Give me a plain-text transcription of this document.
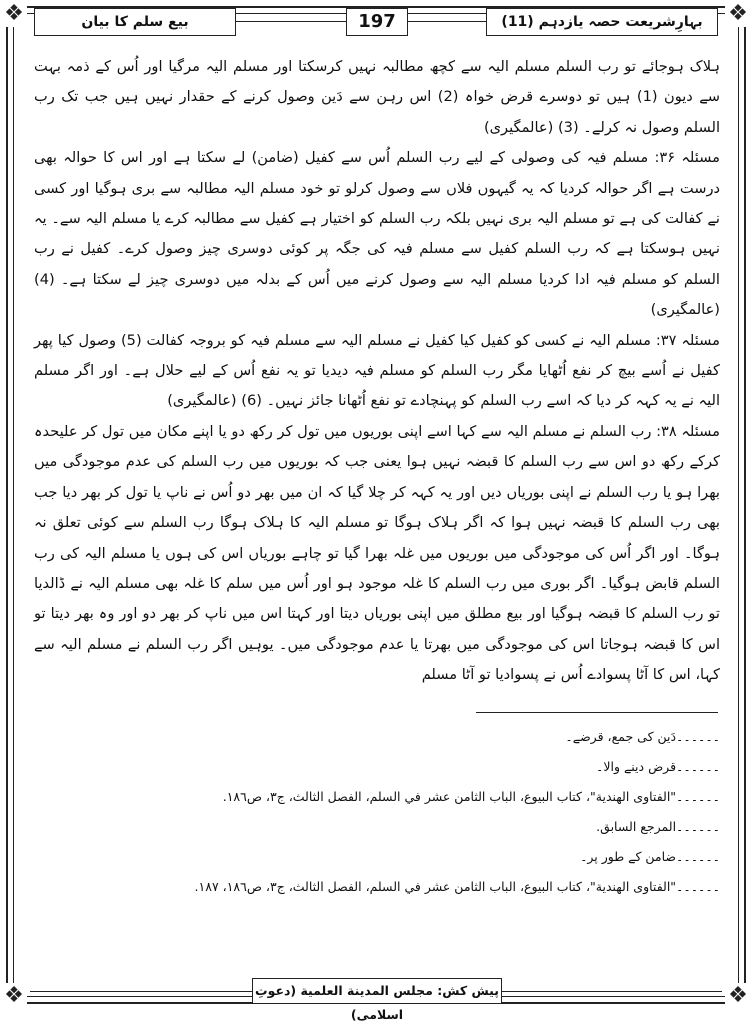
❖	❖
❖	❖
بیع سلم کا بیان	197	بہارِشریعت حصہ یازدہم (11)

ہلاک ہوجائے تو رب السلم مسلم الیہ سے کچھ مطالبہ نہیں کرسکتا اور مسلم الیہ مرگیا اور اُس کے ذمہ بہت سے دیون (1) ہیں تو دوسرے قرض خواہ (2) اس رہن سے دَین وصول کرنے کے حقدار نہیں ہیں جب تک رب السلم وصول نہ کرلے۔ (3) (عالمگیری)

مسئلہ ۳۶: مسلم فیہ کی وصولی کے لیے رب السلم اُس سے کفیل (ضامن) لے سکتا ہے اور اس کا حوالہ بھی درست ہے اگر حوالہ کردیا کہ یہ گیہوں فلاں سے وصول کرلو تو خود مسلم الیہ مطالبہ سے بری ہوگیا اور کسی نے کفالت کی ہے تو مسلم الیہ بری نہیں بلکہ رب السلم کو اختیار ہے کفیل سے مطالبہ کرے یا مسلم الیہ سے۔ یہ نہیں ہوسکتا ہے کہ رب السلم کفیل سے مسلم فیہ کی جگہ پر کوئی دوسری چیز وصول کرے۔ کفیل نے رب السلم کو مسلم فیہ ادا کردیا مسلم الیہ سے وصول کرنے میں اُس کے بدلہ میں دوسری چیز لے سکتا ہے۔ (4) (عالمگیری)

مسئلہ ۳۷: مسلم الیہ نے کسی کو کفیل کیا کفیل نے مسلم الیہ سے مسلم فیہ کو بروجہ کفالت (5) وصول کیا پھر کفیل نے اُسے بیچ کر نفع اُٹھایا مگر رب السلم کو مسلم فیہ دیدیا تو یہ نفع اُس کے لیے حلال ہے۔ اور اگر مسلم الیہ نے یہ کہہ کر دیا کہ اسے رب السلم کو پہنچادے تو نفع اُٹھانا جائز نہیں۔ (6) (عالمگیری)

مسئلہ ۳۸: رب السلم نے مسلم الیہ سے کہا اسے اپنی بوریوں میں تول کر رکھ دو یا اپنے مکان میں تول کر علیحدہ کرکے رکھ دو اس سے رب السلم کا قبضہ نہیں ہوا یعنی جب کہ بوریوں میں رب السلم کی عدم موجودگی میں بھرا ہو یا رب السلم نے اپنی بوریاں دیں اور یہ کہہ کر چلا گیا کہ ان میں بھر دو اُس نے ناپ یا تول کر بھر دیا جب بھی رب السلم کا قبضہ نہیں ہوا کہ اگر ہلاک ہوگا تو مسلم الیہ کا ہلاک ہوگا رب السلم سے کوئی تعلق نہ ہوگا۔ اور اگر اُس کی موجودگی میں بوریوں میں غلہ بھرا گیا تو چاہے بوریاں اس کی ہوں یا مسلم الیہ کی رب السلم قابض ہوگیا۔ اگر بوری میں رب السلم کا غلہ موجود ہو اور اُس میں سلم کا غلہ بھی مسلم الیہ نے ڈالدیا تو رب السلم کا قبضہ ہوگیا اور بیع مطلق میں اپنی بوریاں دیتا اور کہتا اس میں ناپ کر بھر دو اور وہ بھر دیتا تو اس کا قبضہ ہوجاتا اس کی موجودگی میں بھرتا یا عدم موجودگی میں۔ یوہیں اگر رب السلم نے مسلم الیہ سے کہا، اس کا آٹا پسوادے اُس نے پسوادیا تو آٹا مسلم

۔۔۔۔۔۔دَین کی جمع، قرضے۔

۔۔۔۔۔۔قرض دینے والا۔

۔۔۔۔۔۔"الفتاوی الهندية"، كتاب البيوع، الباب الثامن عشر في السلم، الفصل الثالث، ج٣، ص١٨٦.

۔۔۔۔۔۔المرجع السابق.

۔۔۔۔۔۔ضامن کے طور پر۔

۔۔۔۔۔۔"الفتاوى الهندية"، كتاب البيوع، الباب الثامن عشر في السلم، الفصل الثالث، ج٣، ص١٨٦، ١٨٧.

پیش کش: مجلس المدينة العلمية (دعوتِ اسلامی)
